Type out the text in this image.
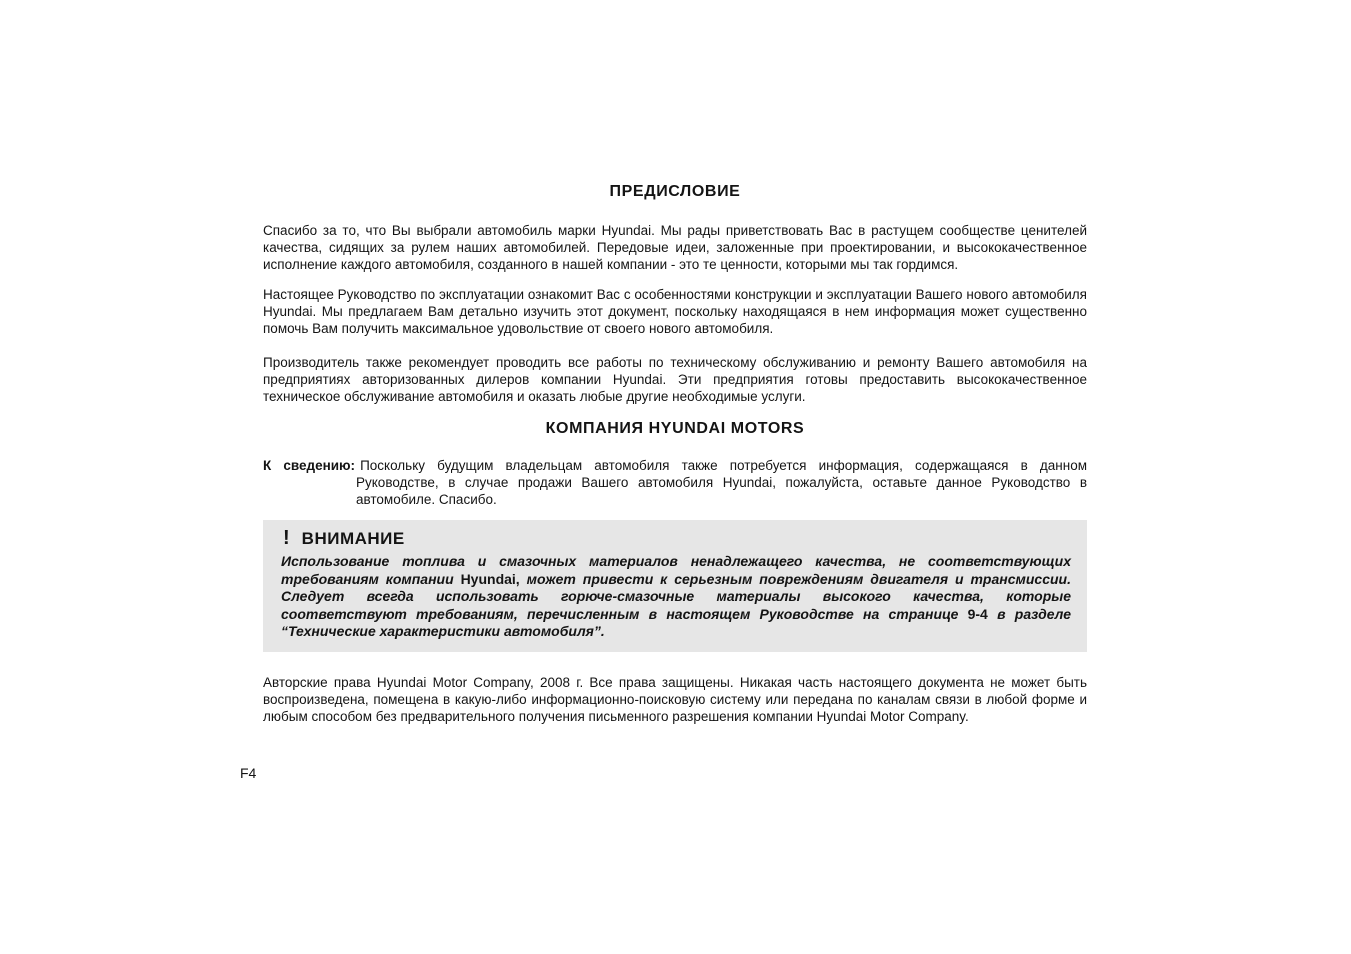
ПРЕДИСЛОВИЕ

Спасибо за то, что Вы выбрали автомобиль марки Hyundai. Мы рады приветствовать Вас в растущем сообществе ценителей качества, сидящих за рулем наших автомобилей. Передовые идеи, заложенные при проектировании, и высококачественное исполнение каждого автомобиля, созданного в нашей компании - это те ценности, которыми мы так гордимся.

Настоящее Руководство по эксплуатации ознакомит Вас с особенностями конструкции и эксплуатации Вашего нового автомобиля Hyundai. Мы предлагаем Вам детально изучить этот документ, поскольку находящаяся в нем информация может существенно помочь Вам получить максимальное удовольствие от своего нового автомобиля.

Производитель также рекомендует проводить все работы по техническому обслуживанию и ремонту Вашего автомобиля на предприятиях авторизованных дилеров компании Hyundai. Эти предприятия готовы предоставить высококачественное техническое обслуживание автомобиля и оказать любые другие необходимые услуги.

КОМПАНИЯ HYUNDAI MOTORS

К сведению: Поскольку будущим владельцам автомобиля также потребуется информация, содержащаяся в данном Руководстве, в случае продажи Вашего автомобиля Hyundai, пожалуйста, оставьте данное Руководство в автомобиле. Спасибо.

! ВНИМАНИЕ

Использование топлива и смазочных материалов ненадлежащего качества, не соответствующих требованиям компании Hyundai, может привести к серьезным повреждениям двигателя и трансмиссии. Следует всегда использовать горюче-смазочные материалы высокого качества, которые соответствуют требованиям, перечисленным в настоящем Руководстве на странице 9-4 в разделе “Технические характеристики автомобиля”.

Авторские права Hyundai Motor Company, 2008 г. Все права защищены. Никакая часть настоящего документа не может быть воспроизведена, помещена в какую-либо информационно-поисковую систему или передана по каналам связи в любой форме и любым способом без предварительного получения письменного разрешения компании Hyundai Motor Company.

F4
